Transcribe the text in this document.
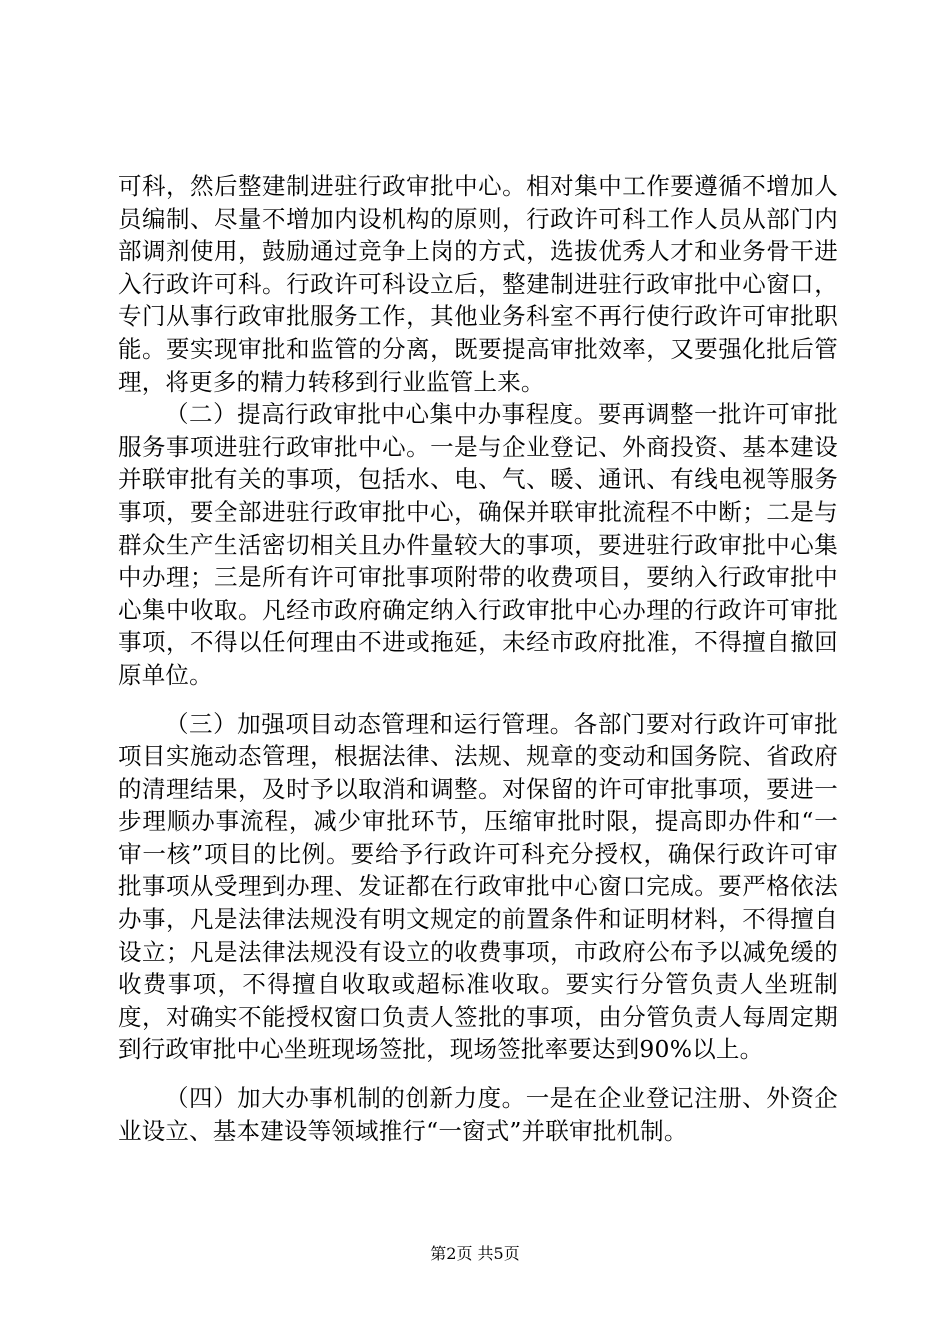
可科，然后整建制进驻行政审批中心。相对集中工作要遵循不增加人员编制、尽量不增加内设机构的原则，行政许可科工作人员从部门内部调剂使用，鼓励通过竞争上岗的方式，选拔优秀人才和业务骨干进入行政许可科。行政许可科设立后，整建制进驻行政审批中心窗口，专门从事行政审批服务工作，其他业务科室不再行使行政许可审批职能。要实现审批和监管的分离，既要提高审批效率，又要强化批后管理，将更多的精力转移到行业监管上来。

（二）提高行政审批中心集中办事程度。要再调整一批许可审批服务事项进驻行政审批中心。一是与企业登记、外商投资、基本建设并联审批有关的事项，包括水、电、气、暖、通讯、有线电视等服务事项，要全部进驻行政审批中心，确保并联审批流程不中断；二是与群众生产生活密切相关且办件量较大的事项，要进驻行政审批中心集中办理；三是所有许可审批事项附带的收费项目，要纳入行政审批中心集中收取。凡经市政府确定纳入行政审批中心办理的行政许可审批事项，不得以任何理由不进或拖延，未经市政府批准，不得擅自撤回原单位。

（三）加强项目动态管理和运行管理。各部门要对行政许可审批项目实施动态管理，根据法律、法规、规章的变动和国务院、省政府的清理结果，及时予以取消和调整。对保留的许可审批事项，要进一步理顺办事流程，减少审批环节，压缩审批时限，提高即办件和“一审一核”项目的比例。要给予行政许可科充分授权，确保行政许可审批事项从受理到办理、发证都在行政审批中心窗口完成。要严格依法办事，凡是法律法规没有明文规定的前置条件和证明材料，不得擅自设立；凡是法律法规没有设立的收费事项，市政府公布予以减免缓的收费事项，不得擅自收取或超标准收取。要实行分管负责人坐班制度，对确实不能授权窗口负责人签批的事项，由分管负责人每周定期到行政审批中心坐班现场签批，现场签批率要达到90%以上。

（四）加大办事机制的创新力度。一是在企业登记注册、外资企业设立、基本建设等领域推行“一窗式”并联审批机制。

第2页 共5页
